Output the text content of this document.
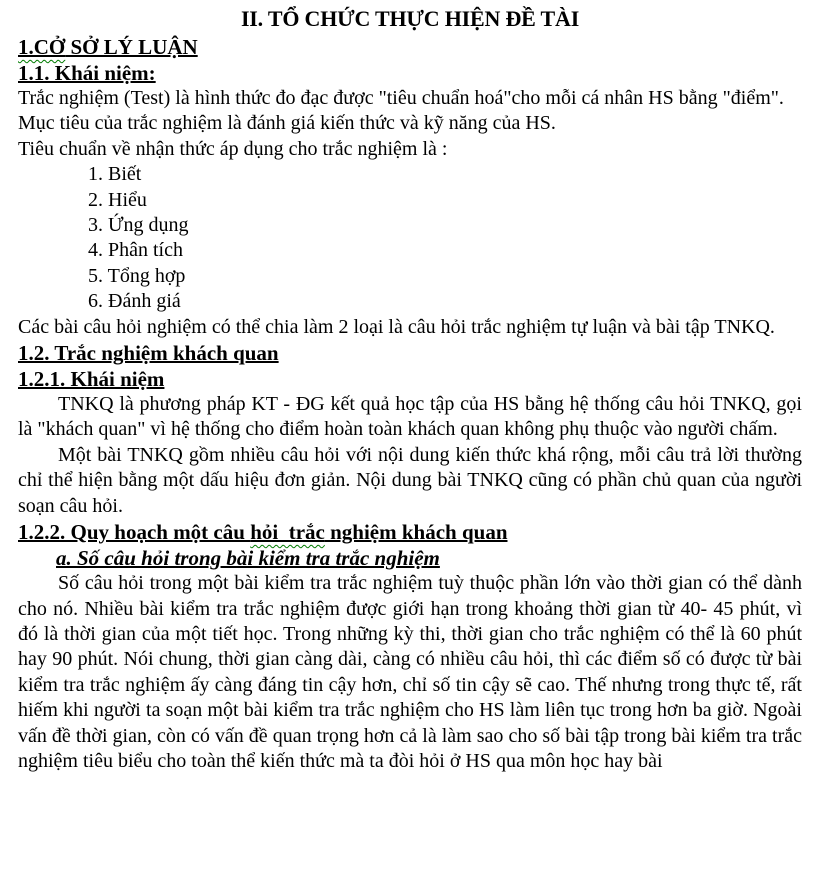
II. TỔ CHỨC THỰC HIỆN ĐỀ TÀI
1.CỞ SỞ LÝ LUẬN
1.1. Khái niệm:

Trắc nghiệm (Test) là hình thức đo đạc được "tiêu chuẩn hoá"cho mỗi cá nhân HS bằng "điểm".

Mục tiêu của trắc nghiệm là đánh giá kiến thức và kỹ năng của HS.

Tiêu chuẩn về nhận thức áp dụng cho trắc nghiệm là :

1. Biết
2. Hiểu
3. Ứng dụng
4. Phân tích
5. Tổng hợp
6. Đánh giá

Các bài câu hỏi nghiệm có thể chia làm 2 loại là câu hỏi trắc nghiệm tự luận và bài tập TNKQ.

1.2. Trắc nghiệm khách quan
1.2.1. Khái niệm

TNKQ là phương pháp KT - ĐG kết quả học tập của HS bằng hệ thống câu hỏi TNKQ, gọi là "khách quan" vì hệ thống cho điểm hoàn toàn khách quan không phụ thuộc vào người chấm.

Một bài TNKQ gồm nhiều câu hỏi với nội dung kiến thức khá rộng, mỗi câu trả lời thường chỉ thể hiện bằng một dấu hiệu đơn giản. Nội dung bài TNKQ cũng có phần chủ quan của người soạn câu hỏi.

1.2.2. Quy hoạch một câu hỏi  trắc nghiệm khách quan
a. Số câu hỏi trong bài kiểm tra trắc nghiệm

Số câu hỏi trong một bài kiểm tra trắc nghiệm tuỳ thuộc phần lớn vào thời gian có thể dành cho nó. Nhiều bài kiểm tra trắc nghiệm được giới hạn trong khoảng thời gian từ 40- 45 phút, vì đó là thời gian của một tiết học. Trong những kỳ thi, thời gian cho trắc nghiệm có thể là 60 phút hay 90 phút. Nói chung, thời gian càng dài, càng có nhiều câu hỏi, thì các điểm số có được từ bài kiểm tra trắc nghiệm ấy càng đáng tin cậy hơn, chỉ số tin cậy sẽ cao. Thế nhưng trong thực tế, rất hiếm khi người ta soạn một bài kiểm tra trắc nghiệm cho HS làm liên tục trong hơn ba giờ. Ngoài vấn đề thời gian, còn có vấn đề quan trọng hơn cả là làm sao cho số bài tập trong bài kiểm tra trắc nghiệm tiêu biểu cho toàn thể kiến thức mà ta đòi hỏi ở HS qua môn học hay bài
